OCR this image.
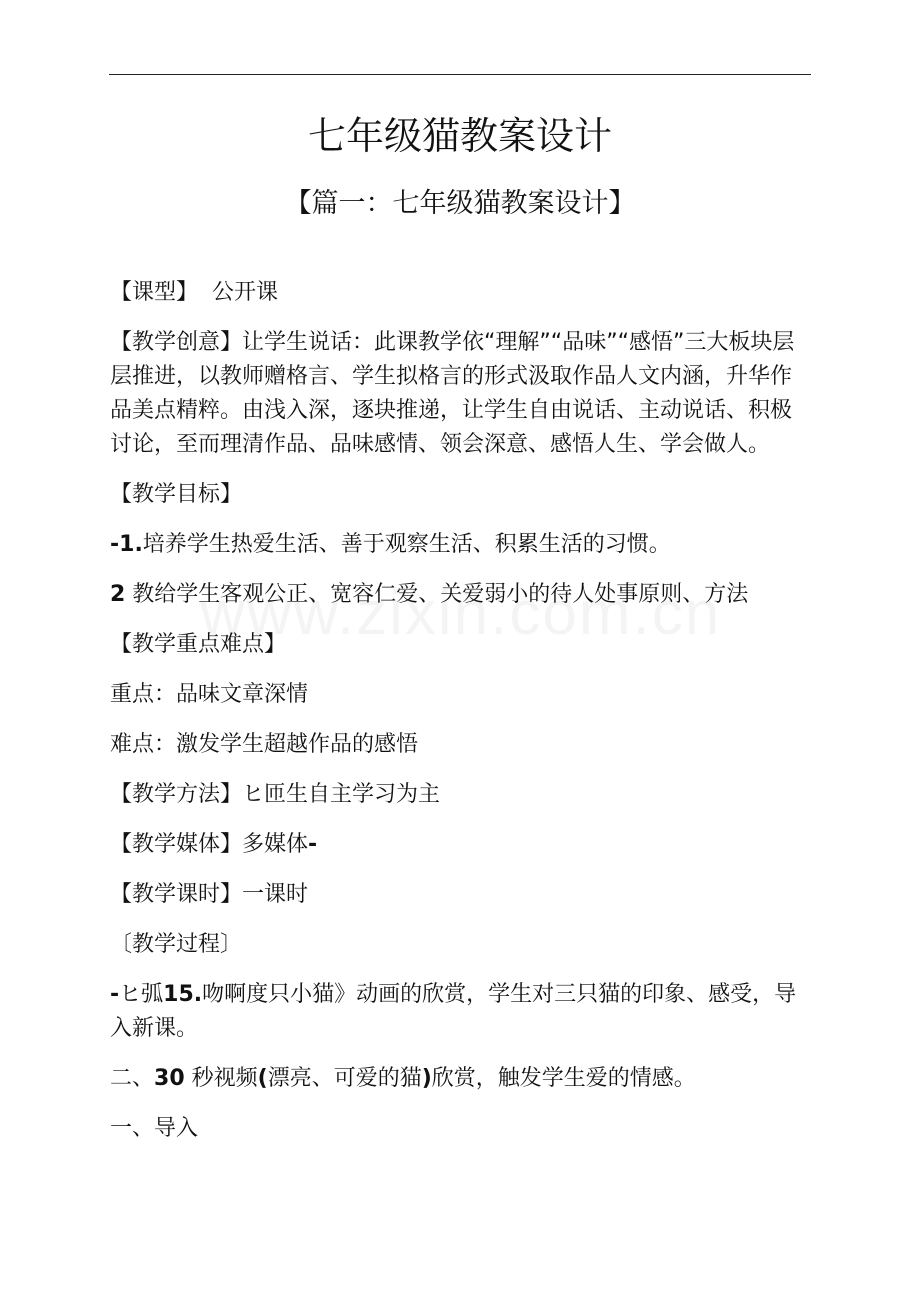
七年级猫教案设计
【篇一：七年级猫教案设计】

【课型】  公开课

【教学创意】让学生说话：此课教学依“理解”“品味”“感悟”三大板块层层推进，以教师赠格言、学生拟格言的形式汲取作品人文内涵，升华作品美点精粹。由浅入深，逐块推递，让学生自由说话、主动说话、积极讨论，至而理清作品、品味感情、领会深意、感悟人生、学会做人。

【教学目标】

-1.培养学生热爱生活、善于观察生活、积累生活的习惯。

2 教给学生客观公正、宽容仁爱、关爱弱小的待人处事原则、方法

【教学重点难点】

重点：品味文章深情

难点：激发学生超越作品的感悟

【教学方法】ヒ匝生自主学习为主

【教学媒体】多媒体-

【教学课时】一课时

〔教学过程〕

-ヒ弧15.吻啊度只小猫》动画的欣赏，学生对三只猫的印象、感受，导入新课。

二、30 秒视频(漂亮、可爱的猫)欣赏，触发学生爱的情感。

一、导入
